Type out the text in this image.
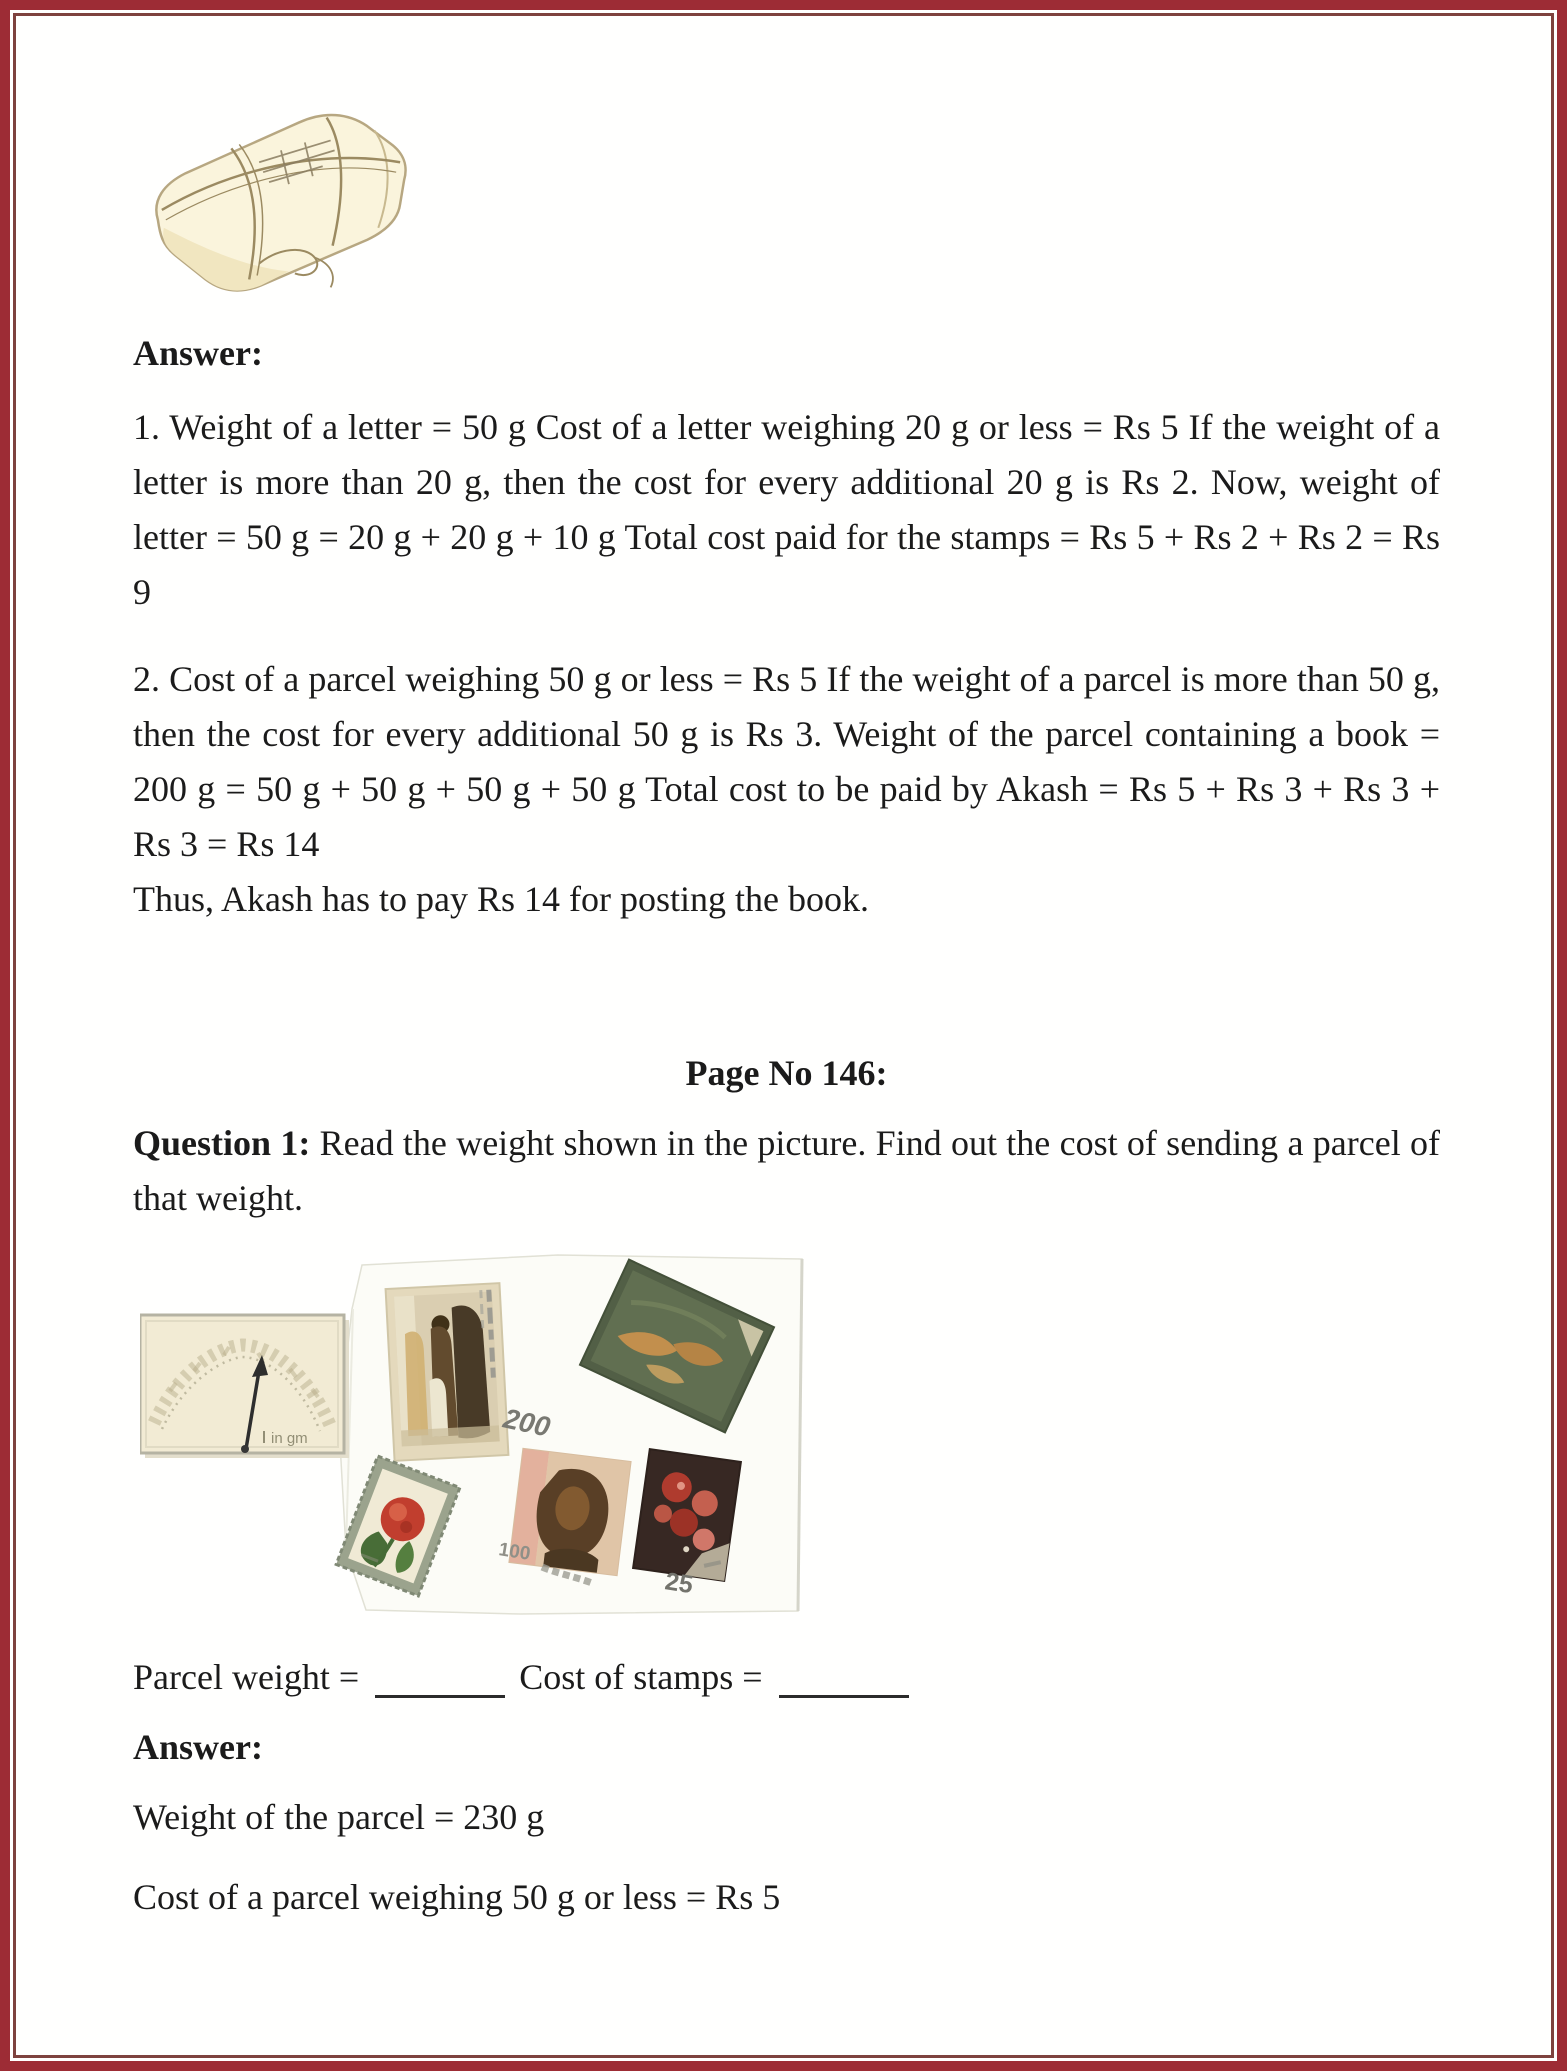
Answer:
1. Weight of a letter = 50 g Cost of a letter weighing 20 g or less = Rs 5 If the weight of a letter is more than 20 g, then the cost for every additional 20 g is Rs 2. Now, weight of letter = 50 g = 20 g + 20 g + 10 g Total cost paid for the stamps = Rs 5 + Rs 2 + Rs 2 = Rs 9
2. Cost of a parcel weighing 50 g or less = Rs 5 If the weight of a parcel is more than 50 g, then the cost for every additional 50 g is Rs 3. Weight of the parcel containing a book = 200 g = 50 g + 50 g + 50 g + 50 g Total cost to be paid by Akash = Rs 5 + Rs 3 + Rs 3 + Rs 3 = Rs 14
Thus, Akash has to pay Rs 14 for posting the book.
Page No 146:
Question 1: Read the weight shown in the picture. Find out the cost of sending a parcel of that weight.
in gm	200
100
25
Parcel weight =	Cost of stamps =
Answer:
Weight of the parcel = 230 g
Cost of a parcel weighing 50 g or less = Rs 5
